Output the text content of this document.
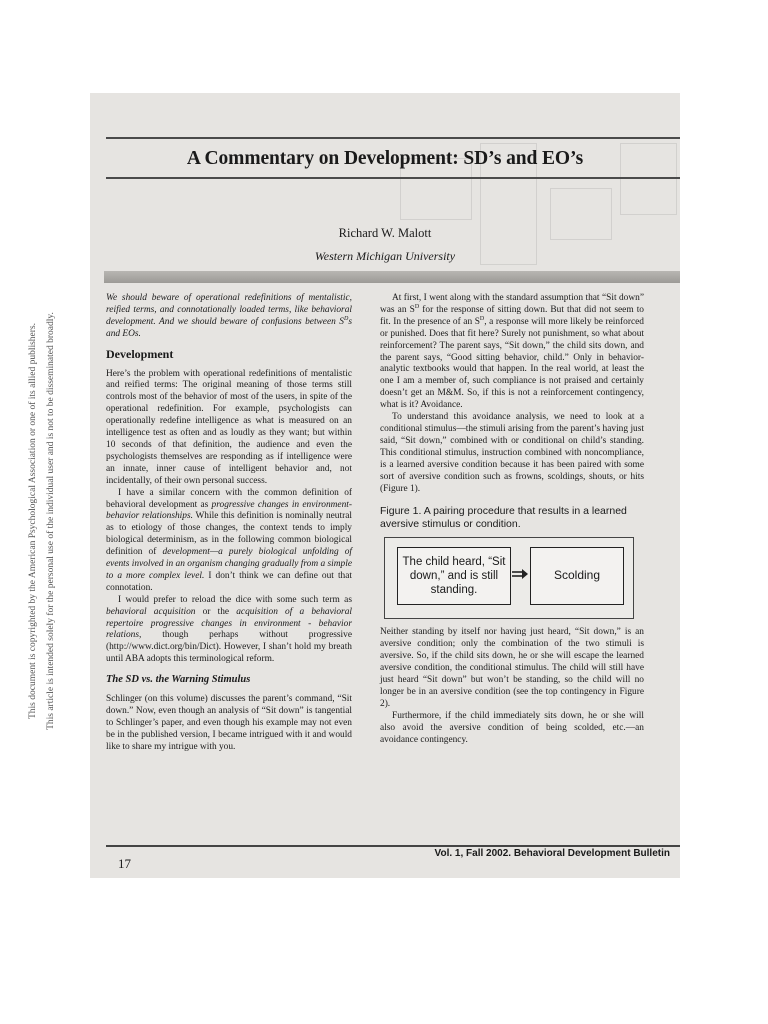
This document is copyrighted by the American Psychological Association or one of its allied publishers. This article is intended solely for the personal use of the individual user and is not to be disseminated broadly.
A Commentary on Development: SD’s and EO’s
Richard W. Malott
Western Michigan University

We should beware of operational redefinitions of mentalistic, reified terms, and connotationally loaded terms, like behavioral development. And we should beware of confusions between $S^Ds$ and EOs.

Development

Here’s the problem with operational redefinitions of mentalistic and reified terms: The original meaning of those terms still controls most of the behavior of most of the users, in spite of the operational redefinition. For example, psychologists can operationally redefine intelligence as what is measured on an intelligence test as often and as loudly as they want; but within 10 seconds of that definition, the audience and even the psychologists themselves are responding as if intelligence were an innate, inner cause of intelligent behavior and, not incidentally, of their own personal success.

I have a similar concern with the common definition of behavioral development as progressive changes in environment-behavior relationships. While this definition is nominally neutral as to etiology of those changes, the context tends to imply biological determinism, as in the following common biological definition of development—a purely biological unfolding of events involved in an organism changing gradually from a simple to a more complex level. I don’t think we can define out that connotation.

I would prefer to reload the dice with some such term as behavioral acquisition or the acquisition of a behavioral repertoire progressive changes in environment - behavior relations, though perhaps without progressive (http://www.dict.org/bin/Dict). However, I shan’t hold my breath until ABA adopts this terminological reform.

The SD vs. the Warning Stimulus

Schlinger (on this volume) discusses the parent’s command, “Sit down.” Now, even though an analysis of “Sit down” is tangential to Schlinger’s paper, and even though his example may not even be in the published version, I became intrigued with it and would like to share my intrigue with you.

At first, I went along with the standard assumption that “Sit down” was an $S^D$ for the response of sitting down. But that did not seem to fit. In the presence of an $S^D$, a response will more likely be reinforced or punished. Does that fit here? Surely not punishment, so what about reinforcement? The parent says, “Sit down,” the child sits down, and the parent says, “Good sitting behavior, child.” Only in behavior-analytic textbooks would that happen. In the real world, at least the one I am a member of, such compliance is not praised and certainly doesn’t get an M&M. So, if this is not a reinforcement contingency, what is it? Avoidance.

To understand this avoidance analysis, we need to look at a conditional stimulus—the stimuli arising from the parent’s having just said, “Sit down,” combined with or conditional on child’s standing. This conditional stimulus, instruction combined with noncompliance, is a learned aversive condition because it has been paired with some sort of aversive condition such as frowns, scoldings, shouts, or hits (Figure 1).

Figure 1. A pairing procedure that results in a learned aversive stimulus or condition.

The child heard, “Sit down,” and is still standing.
Scolding

Neither standing by itself nor having just heard, “Sit down,” is an aversive condition; only the combination of the two stimuli is aversive. So, if the child sits down, he or she will escape the learned aversive condition, the conditional stimulus. The child will still have just heard “Sit down” but won’t be standing, so the child will no longer be in an aversive condition (see the top contingency in Figure 2).

Furthermore, if the child immediately sits down, he or she will also avoid the aversive condition of being scolded, etc.—an avoidance contingency.

17
Vol. 1, Fall 2002. Behavioral Development Bulletin
